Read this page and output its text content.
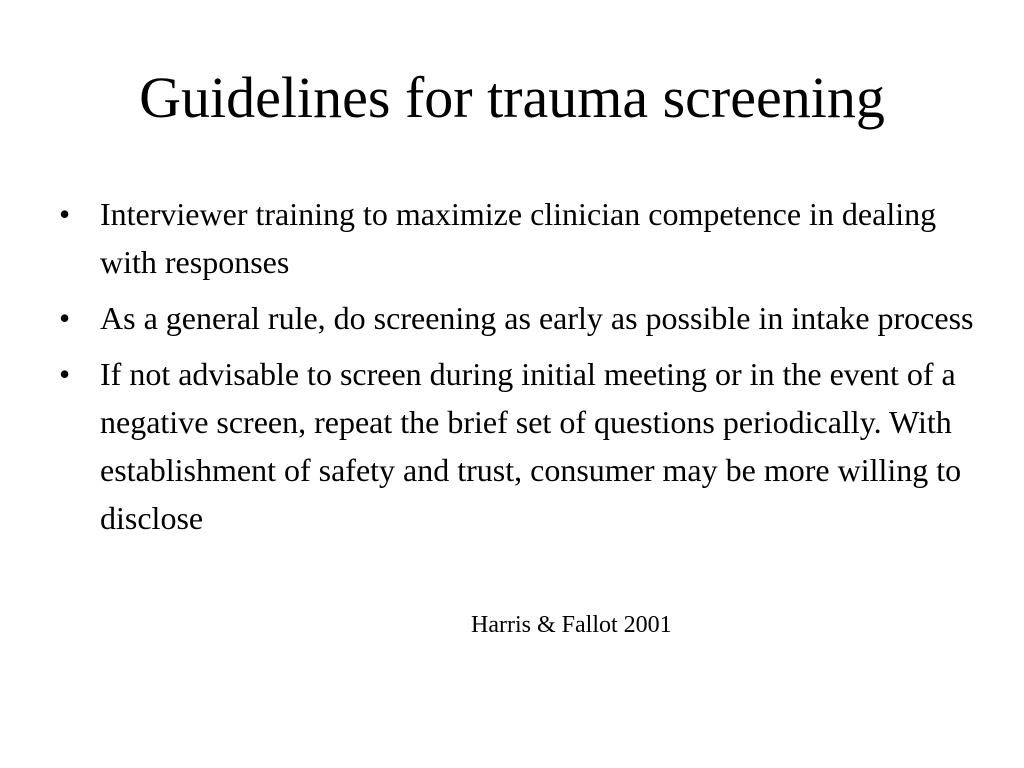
Guidelines for trauma screening
• Interviewer training to maximize clinician competence in dealing with responses
• As a general rule, do screening as early as possible in intake process
• If not advisable to screen during initial meeting or in the event of a negative screen, repeat the brief set of questions periodically. With establishment of safety and trust, consumer may be more willing to disclose
Harris & Fallot 2001
